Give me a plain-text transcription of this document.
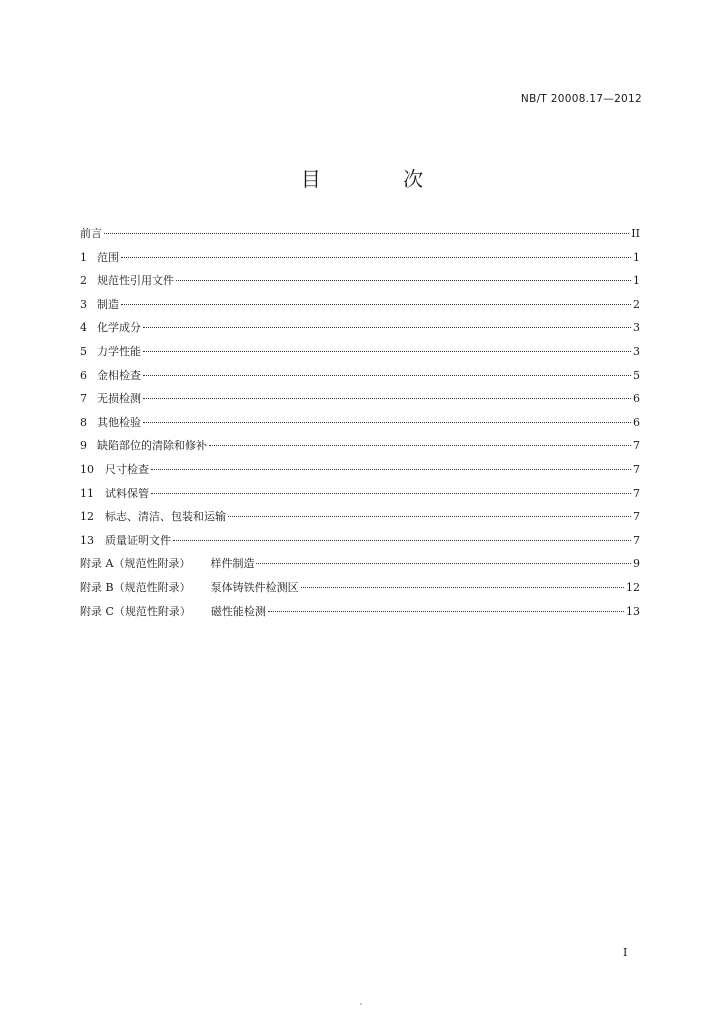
NB/T 20008.17—2012
目 次
前言	II
1 范围	1
2 规范性引用文件	1
3 制造	2
4 化学成分	3
5 力学性能	3
6 金相检查	5
7 无损检测	6
8 其他检验	6
9 缺陷部位的清除和修补	7
10	尺寸检查	7
11	试料保管	7
12	标志、清洁、包装和运输	7
13	质量证明文件	7
附录 A（规范性附录） 样件制造	9
附录 B（规范性附录） 泵体铸铁件检测区	12
附录 C（规范性附录） 磁性能检测	13
I
